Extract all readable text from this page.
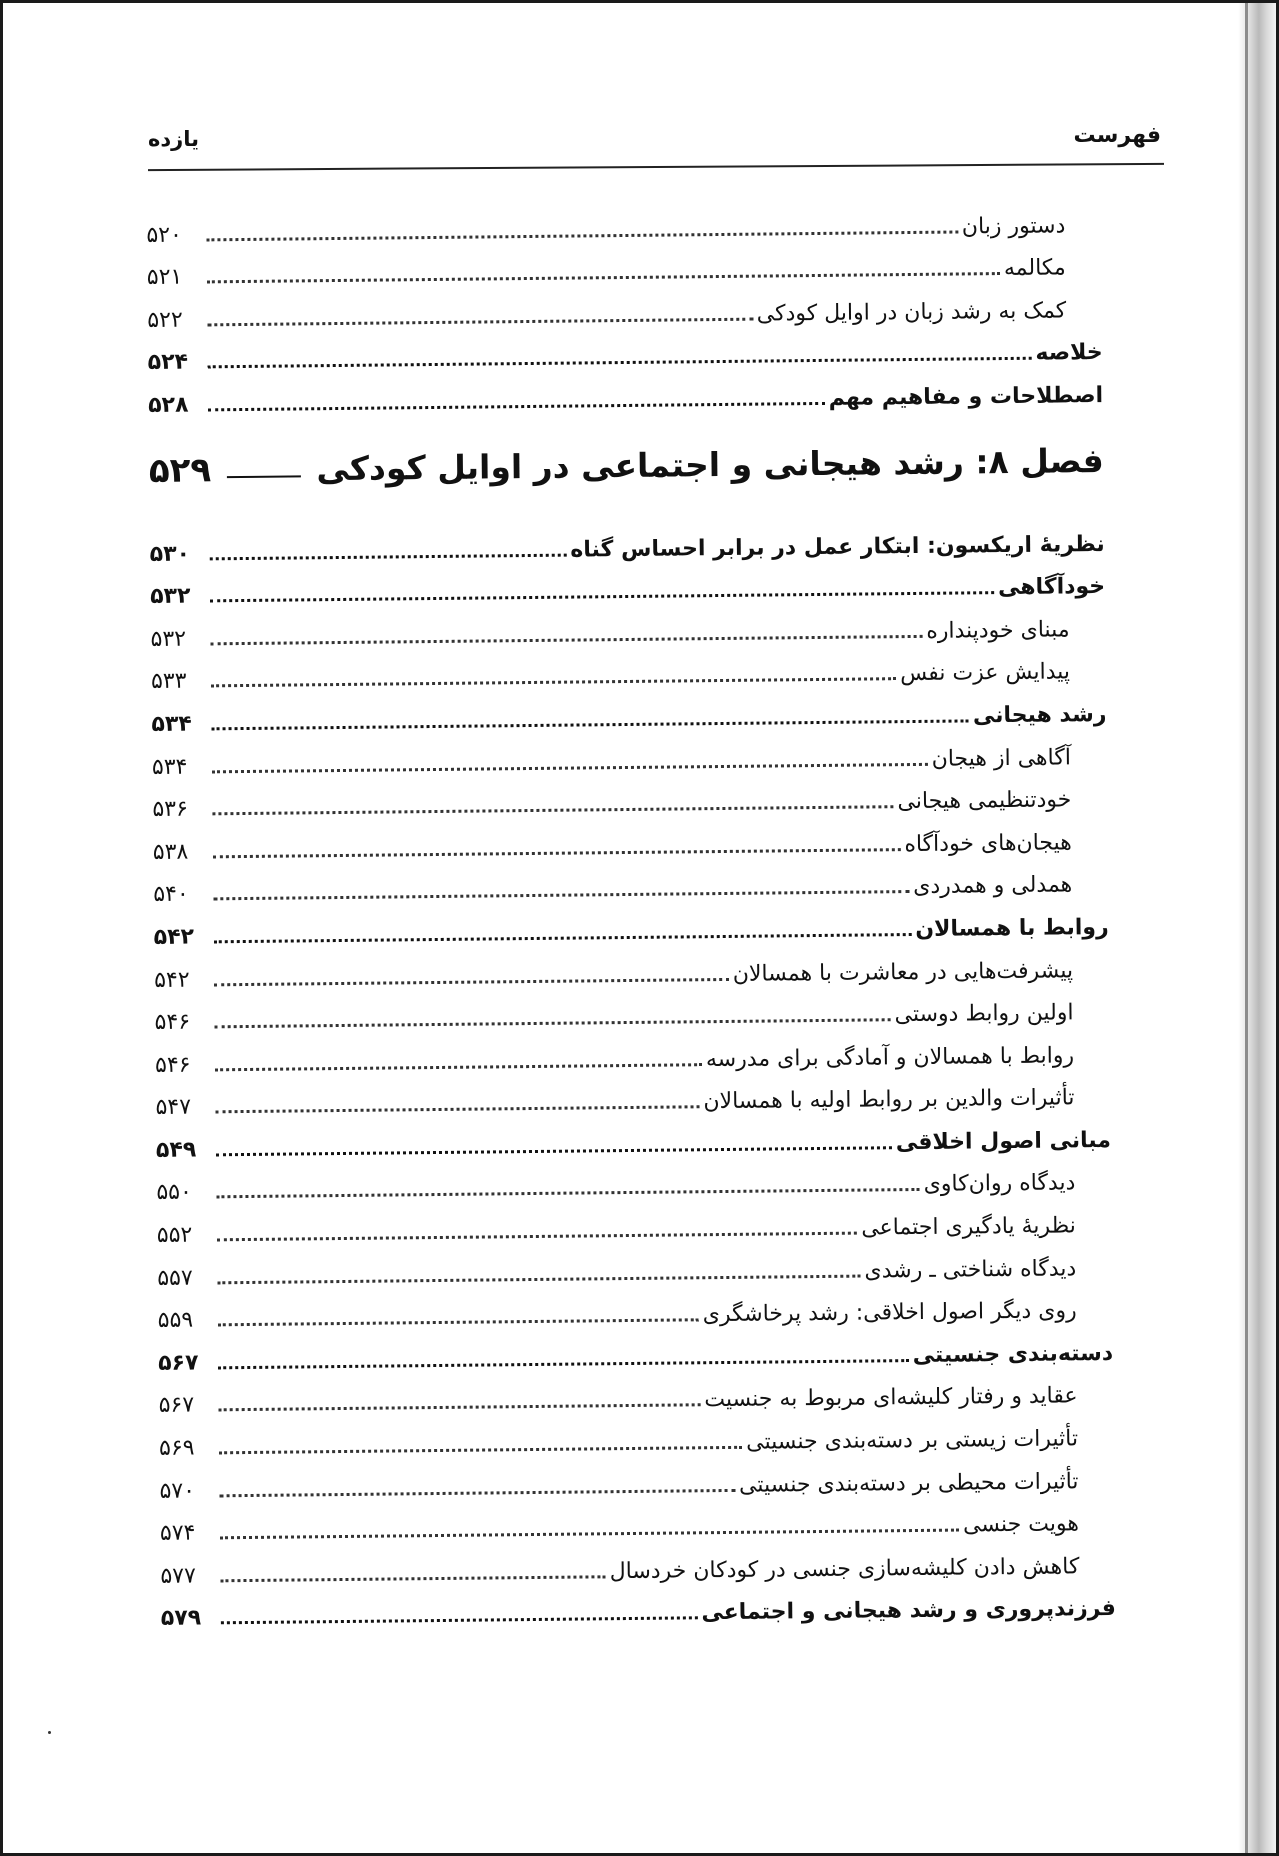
فهرست
یازده
دستور زبان
۵۲۰
مکالمه
۵۲۱
کمک به رشد زبان در اوایل کودکی
۵۲۲
خلاصه
۵۲۴
اصطلاحات و مفاهیم مهم
۵۲۸
فصل ۸: رشد هیجانی و اجتماعی در اوایل کودکی
۵۲۹
نظریهٔ اریکسون: ابتکار عمل در برابر احساس گناه
۵۳۰
خودآگاهی
۵۳۲
مبنای خودپنداره
۵۳۲
پیدایش عزت نفس
۵۳۳
رشد هیجانی
۵۳۴
آگاهی از هیجان
۵۳۴
خودتنظیمی هیجانی
۵۳۶
هیجان‌های خودآگاه
۵۳۸
همدلی و همدردی
۵۴۰
روابط با همسالان
۵۴۲
پیشرفت‌هایی در معاشرت با همسالان
۵۴۲
اولین روابط دوستی
۵۴۶
روابط با همسالان و آمادگی برای مدرسه
۵۴۶
تأثیرات والدین بر روابط اولیه با همسالان
۵۴۷
مبانی اصول اخلاقی
۵۴۹
دیدگاه روان‌کاوی
۵۵۰
نظریهٔ یادگیری اجتماعی
۵۵۲
دیدگاه شناختی ـ رشدی
۵۵۷
روی دیگر اصول اخلاقی: رشد پرخاشگری
۵۵۹
دسته‌بندی جنسیتی
۵۶۷
عقاید و رفتار کلیشه‌ای مربوط به جنسیت
۵۶۷
تأثیرات زیستی بر دسته‌بندی جنسیتی
۵۶۹
تأثیرات محیطی بر دسته‌بندی جنسیتی
۵۷۰
هویت جنسی
۵۷۴
کاهش دادن کلیشه‌سازی جنسی در کودکان خردسال
۵۷۷
فرزندپروری و رشد هیجانی و اجتماعی
۵۷۹
